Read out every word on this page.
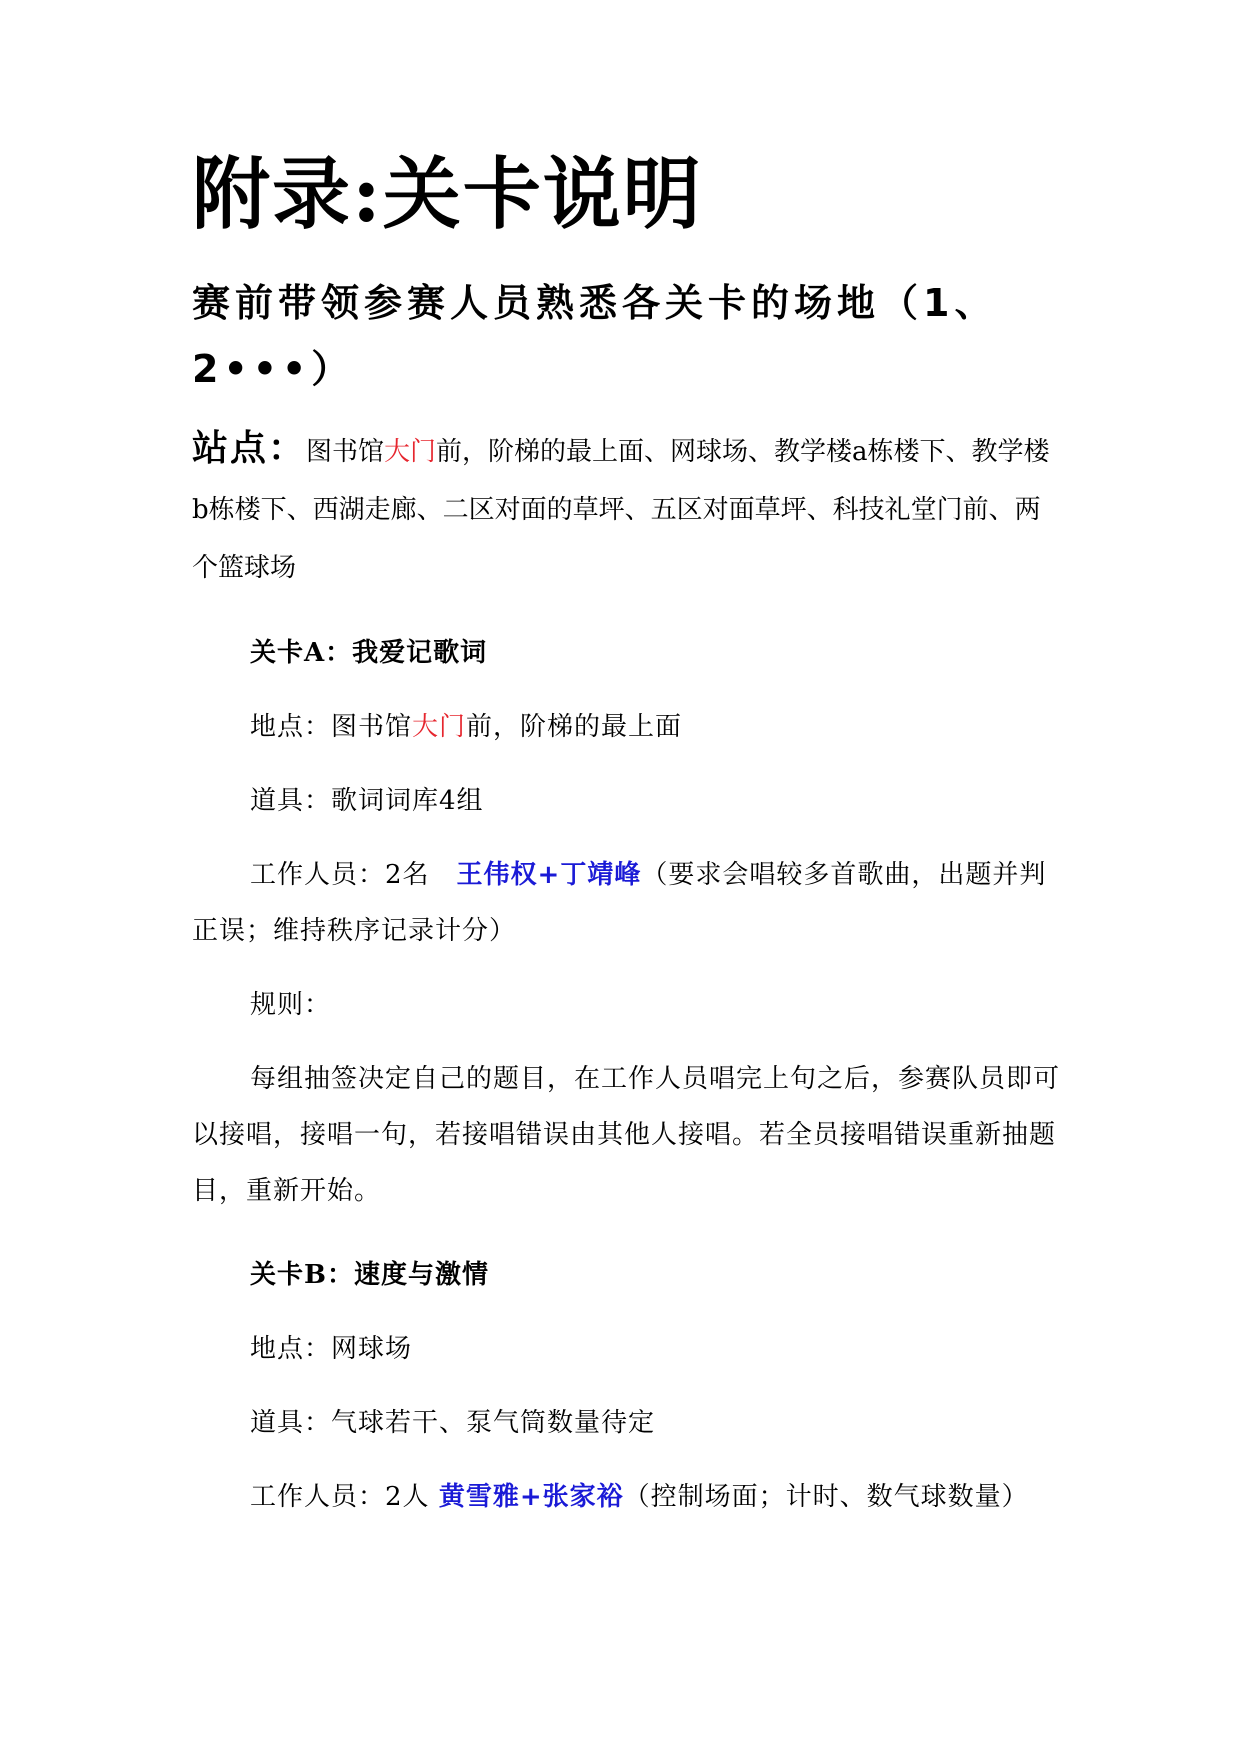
附录:关卡说明
赛前带领参赛人员熟悉各关卡的场地（1、2•••）
站点：图书馆大门前，阶梯的最上面、网球场、教学楼a栋楼下、教学楼b栋楼下、西湖走廊、二区对面的草坪、五区对面草坪、科技礼堂门前、两个篮球场
关卡A：我爱记歌词
地点：图书馆大门前，阶梯的最上面
道具：歌词词库4组
工作人员：2名　王伟权+丁靖峰（要求会唱较多首歌曲，出题并判正误；维持秩序记录计分）
规则：
每组抽签决定自己的题目，在工作人员唱完上句之后，参赛队员即可以接唱，接唱一句，若接唱错误由其他人接唱。若全员接唱错误重新抽题目，重新开始。
关卡B：速度与激情
地点：网球场
道具：气球若干、泵气筒数量待定
工作人员：2人 黄雪雅+张家裕（控制场面；计时、数气球数量）
